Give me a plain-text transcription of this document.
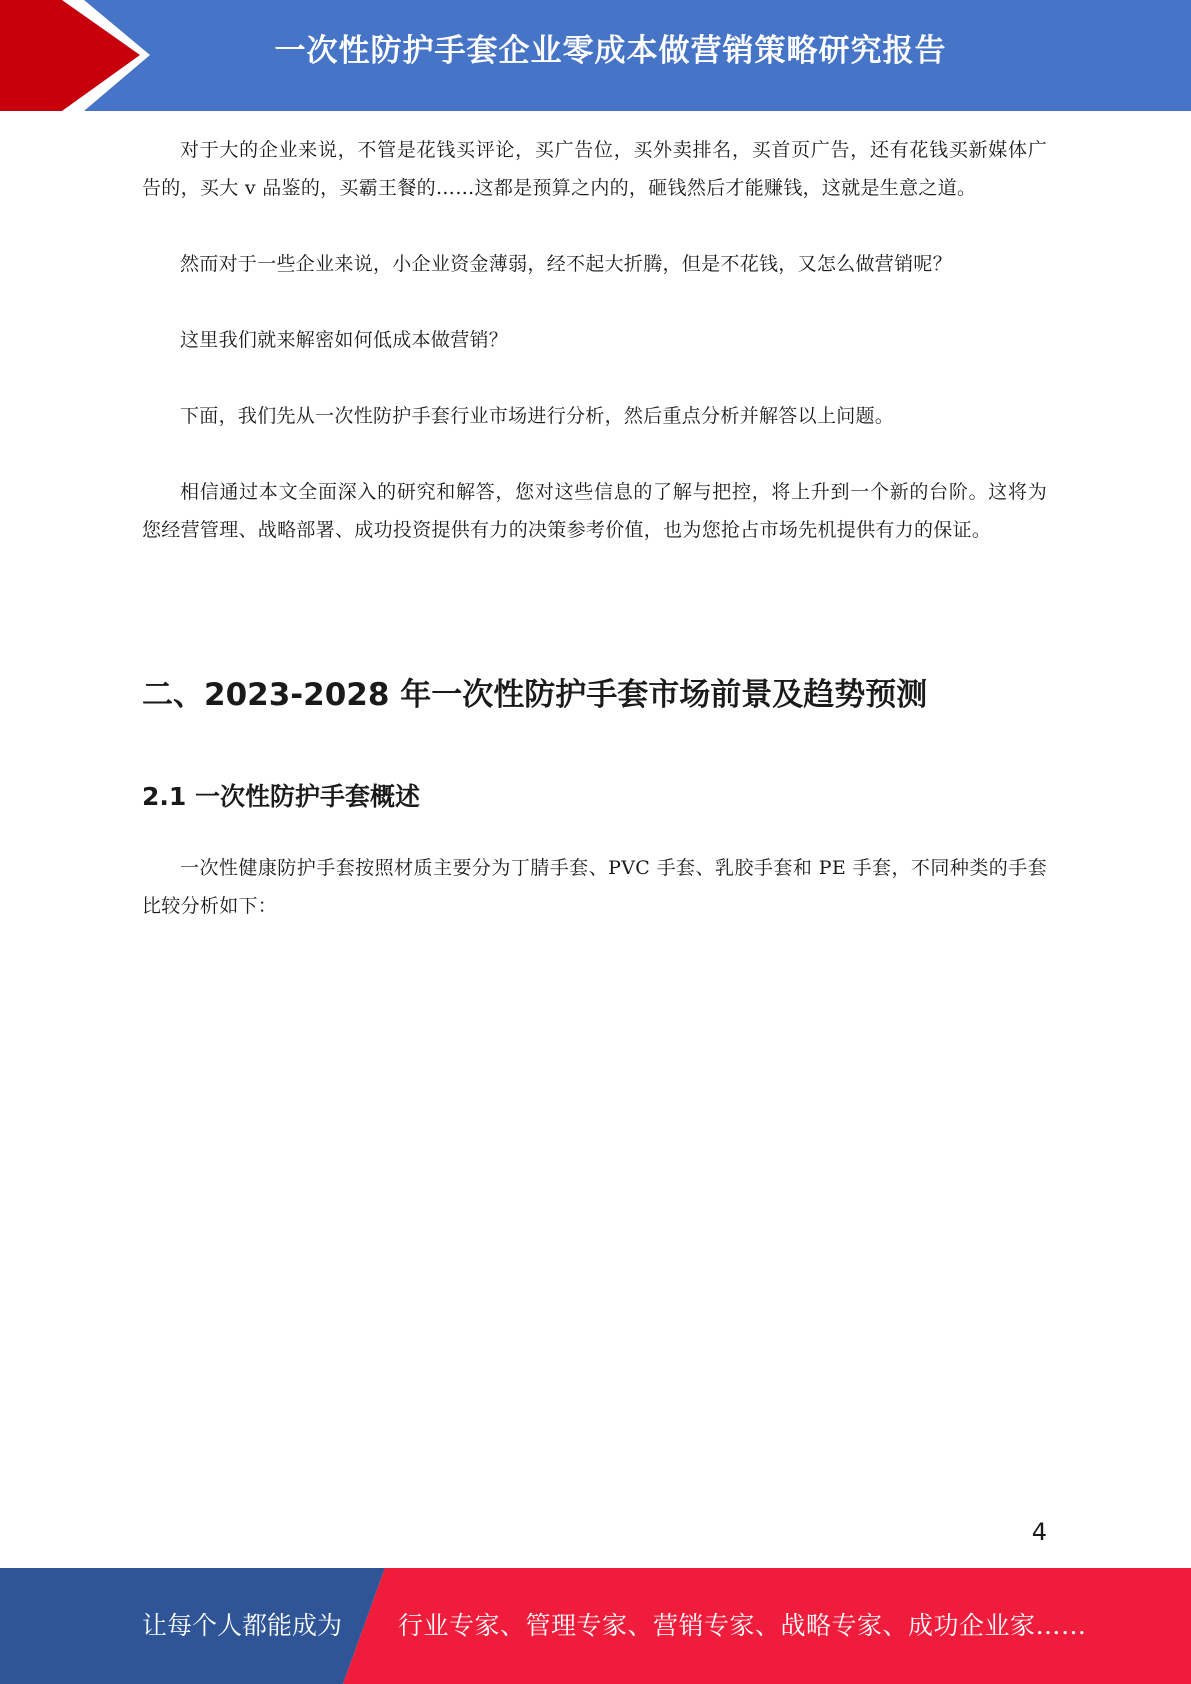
一次性防护手套企业零成本做营销策略研究报告

对于大的企业来说，不管是花钱买评论，买广告位，买外卖排名，买首页广告，还有花钱买新媒体广告的，买大 v 品鉴的，买霸王餐的……这都是预算之内的，砸钱然后才能赚钱，这就是生意之道。

然而对于一些企业来说，小企业资金薄弱，经不起大折腾，但是不花钱，又怎么做营销呢？

这里我们就来解密如何低成本做营销？

下面，我们先从一次性防护手套行业市场进行分析，然后重点分析并解答以上问题。

相信通过本文全面深入的研究和解答，您对这些信息的了解与把控，将上升到一个新的台阶。这将为您经营管理、战略部署、成功投资提供有力的决策参考价值，也为您抢占市场先机提供有力的保证。

二、2023-2028 年一次性防护手套市场前景及趋势预测
2.1 一次性防护手套概述

一次性健康防护手套按照材质主要分为丁腈手套、PVC 手套、乳胶手套和 PE 手套，不同种类的手套比较分析如下：

4
让每个人都能成为 行业专家、管理专家、营销专家、战略专家、成功企业家……
